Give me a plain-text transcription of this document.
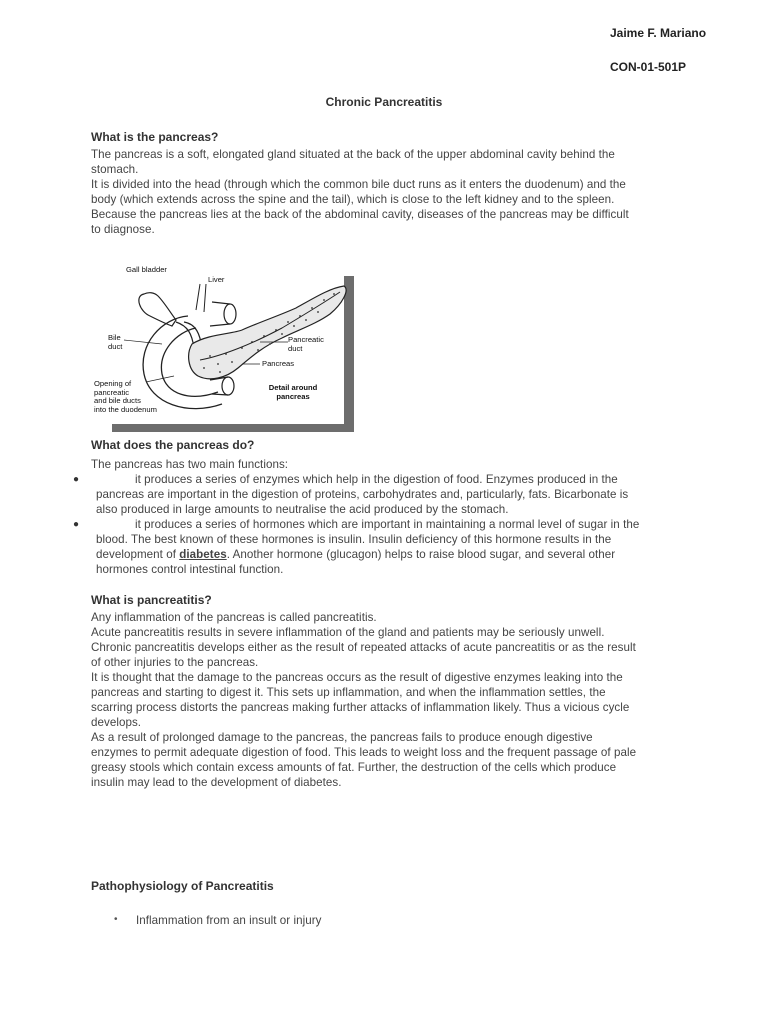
Jaime F. Mariano
CON-01-501P
Chronic Pancreatitis
What is the pancreas?
The pancreas is a soft, elongated gland situated at the back of the upper abdominal cavity behind the
stomach.
It is divided into the head (through which the common bile duct runs as it enters the duodenum) and the
body (which extends across the spine and the tail), which is close to the left kidney and to the spleen.
Because the pancreas lies at the back of the abdominal cavity, diseases of the pancreas may be difficult
to diagnose.
Gall bladder
Liver
Bile
duct
Pancreatic
duct
Pancreas
Opening of
pancreatic
and bile ducts
into the duodenum
Detail around
pancreas
What does the pancreas do?
The pancreas has two main functions:
●	it produces a series of enzymes which help in the digestion of food. Enzymes produced in the
pancreas are important in the digestion of proteins, carbohydrates and, particularly, fats. Bicarbonate is
also produced in large amounts to neutralise the acid produced by the stomach.
●	it produces a series of hormones which are important in maintaining a normal level of sugar in the
blood. The best known of these hormones is insulin. Insulin deficiency of this hormone results in the
development of diabetes. Another hormone (glucagon) helps to raise blood sugar, and several other
hormones control intestinal function.
What is pancreatitis?
Any inflammation of the pancreas is called pancreatitis.
Acute pancreatitis results in severe inflammation of the gland and patients may be seriously unwell.
Chronic pancreatitis develops either as the result of repeated attacks of acute pancreatitis or as the result
of other injuries to the pancreas.
It is thought that the damage to the pancreas occurs as the result of digestive enzymes leaking into the
pancreas and starting to digest it. This sets up inflammation, and when the inflammation settles, the
scarring process distorts the pancreas making further attacks of inflammation likely. Thus a vicious cycle
develops.
As a result of prolonged damage to the pancreas, the pancreas fails to produce enough digestive
enzymes to permit adequate digestion of food. This leads to weight loss and the frequent passage of pale
greasy stools which contain excess amounts of fat. Further, the destruction of the cells which produce
insulin may lead to the development of diabetes.
Pathophysiology of Pancreatitis
• Inflammation from an insult or injury
